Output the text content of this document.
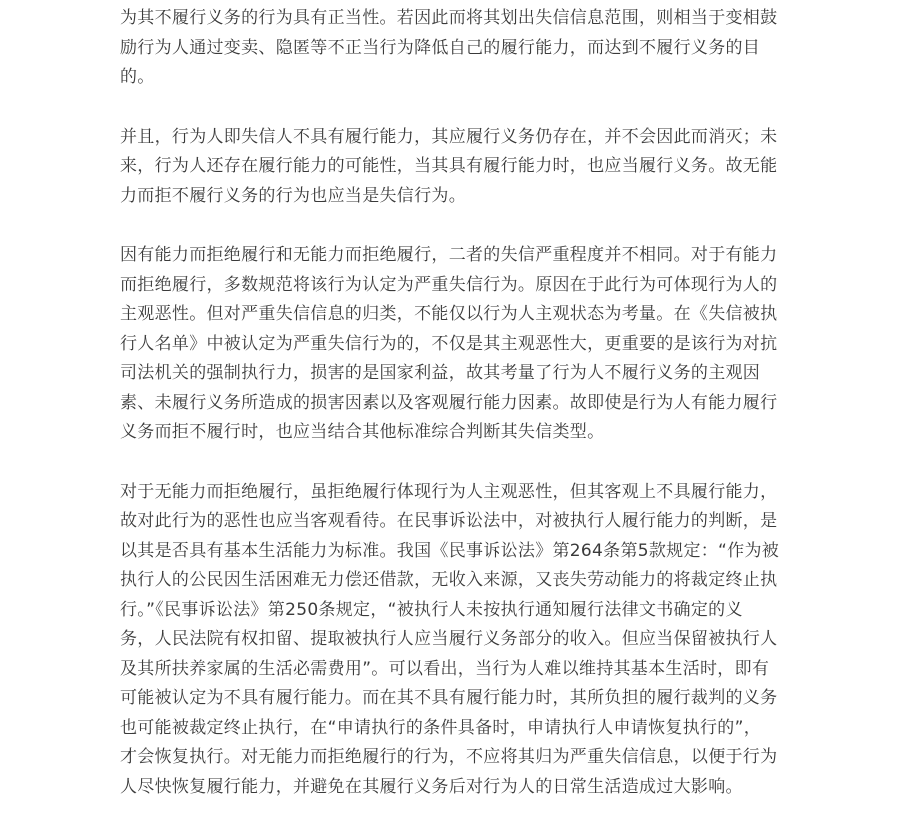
为其不履行义务的行为具有正当性。若因此而将其划出失信信息范围，则相当于变相鼓
励行为人通过变卖、隐匿等不正当行为降低自己的履行能力，而达到不履行义务的目
的。

并且，行为人即失信人不具有履行能力，其应履行义务仍存在，并不会因此而消灭；未
来，行为人还存在履行能力的可能性，当其具有履行能力时，也应当履行义务。故无能
力而拒不履行义务的行为也应当是失信行为。

因有能力而拒绝履行和无能力而拒绝履行，二者的失信严重程度并不相同。对于有能力
而拒绝履行，多数规范将该行为认定为严重失信行为。原因在于此行为可体现行为人的
主观恶性。但对严重失信信息的归类，不能仅以行为人主观状态为考量。在《失信被执
行人名单》中被认定为严重失信行为的，不仅是其主观恶性大，更重要的是该行为对抗
司法机关的强制执行力，损害的是国家利益，故其考量了行为人不履行义务的主观因
素、未履行义务所造成的损害因素以及客观履行能力因素。故即使是行为人有能力履行
义务而拒不履行时，也应当结合其他标准综合判断其失信类型。

对于无能力而拒绝履行，虽拒绝履行体现行为人主观恶性，但其客观上不具履行能力，
故对此行为的恶性也应当客观看待。在民事诉讼法中，对被执行人履行能力的判断，是
以其是否具有基本生活能力为标准。我国《民事诉讼法》第264条第5款规定：“作为被
执行人的公民因生活困难无力偿还借款，无收入来源，又丧失劳动能力的将裁定终止执
行。”《民事诉讼法》第250条规定，“被执行人未按执行通知履行法律文书确定的义
务，人民法院有权扣留、提取被执行人应当履行义务部分的收入。但应当保留被执行人
及其所扶养家属的生活必需费用”。可以看出，当行为人难以维持其基本生活时，即有
可能被认定为不具有履行能力。而在其不具有履行能力时，其所负担的履行裁判的义务
也可能被裁定终止执行，在“申请执行的条件具备时，申请执行人申请恢复执行的”，
才会恢复执行。对无能力而拒绝履行的行为，不应将其归为严重失信信息，以便于行为
人尽快恢复履行能力，并避免在其履行义务后对行为人的日常生活造成过大影响。
